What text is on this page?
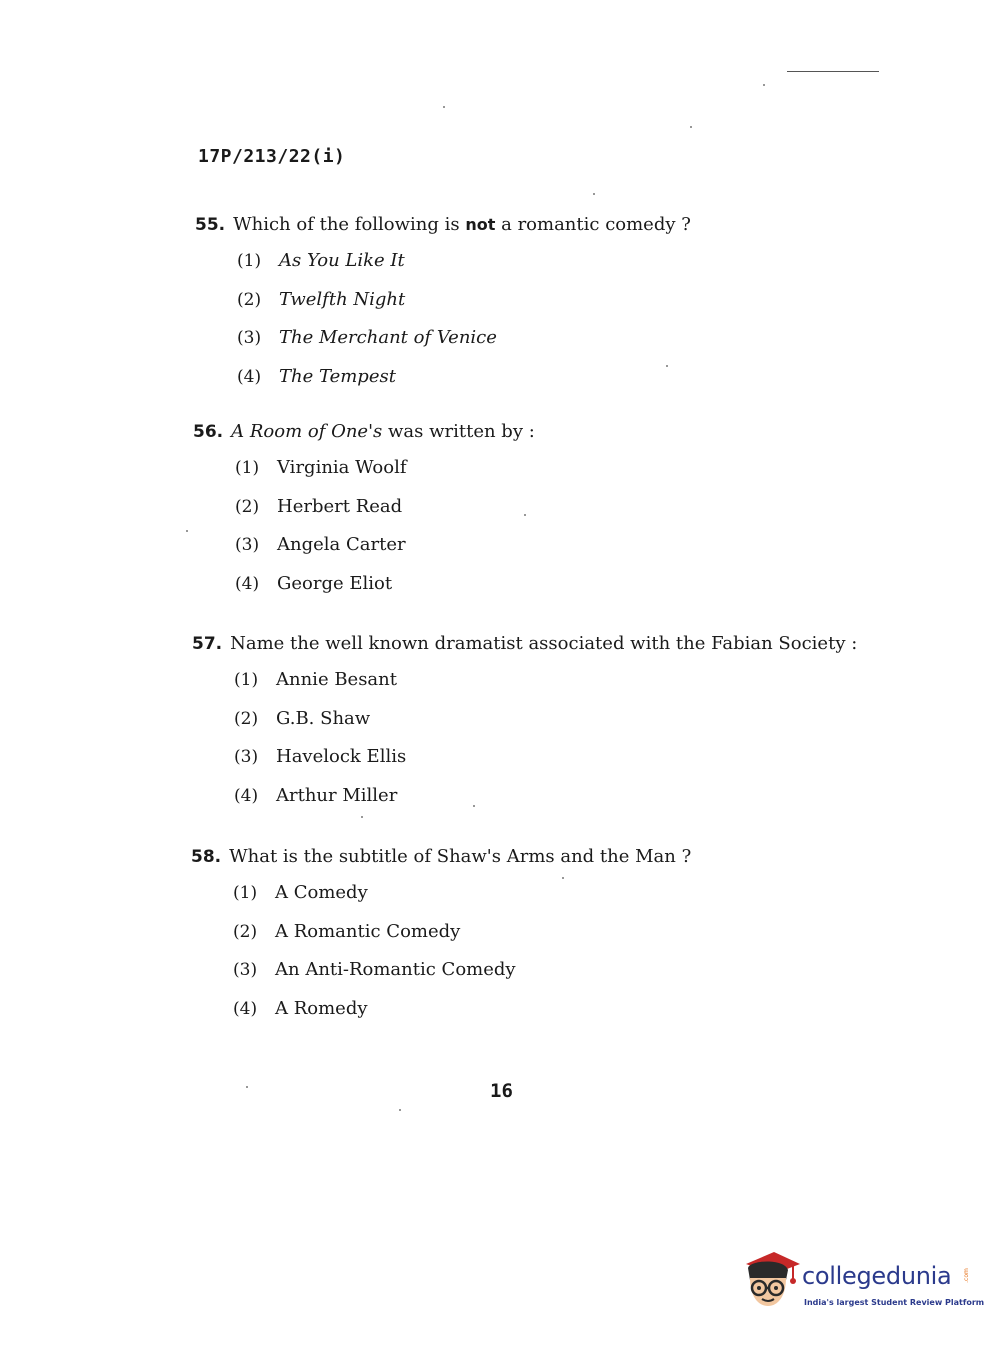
17P/213/22(i)
55. Which of the following is not a romantic comedy ?
(1) As You Like It
(2) Twelfth Night
(3) The Merchant of Venice
(4) The Tempest
56. A Room of One's was written by :
(1) Virginia Woolf
(2) Herbert Read
(3) Angela Carter
(4) George Eliot
57. Name the well known dramatist associated with the Fabian Society :
(1) Annie Besant
(2) G.B. Shaw
(3) Havelock Ellis
(4) Arthur Miller
58. What is the subtitle of Shaw's Arms and the Man ?
(1) A Comedy
(2) A Romantic Comedy
(3) An Anti-Romantic Comedy
(4) A Romedy
16
collegedunia .com
India's largest Student Review Platform
